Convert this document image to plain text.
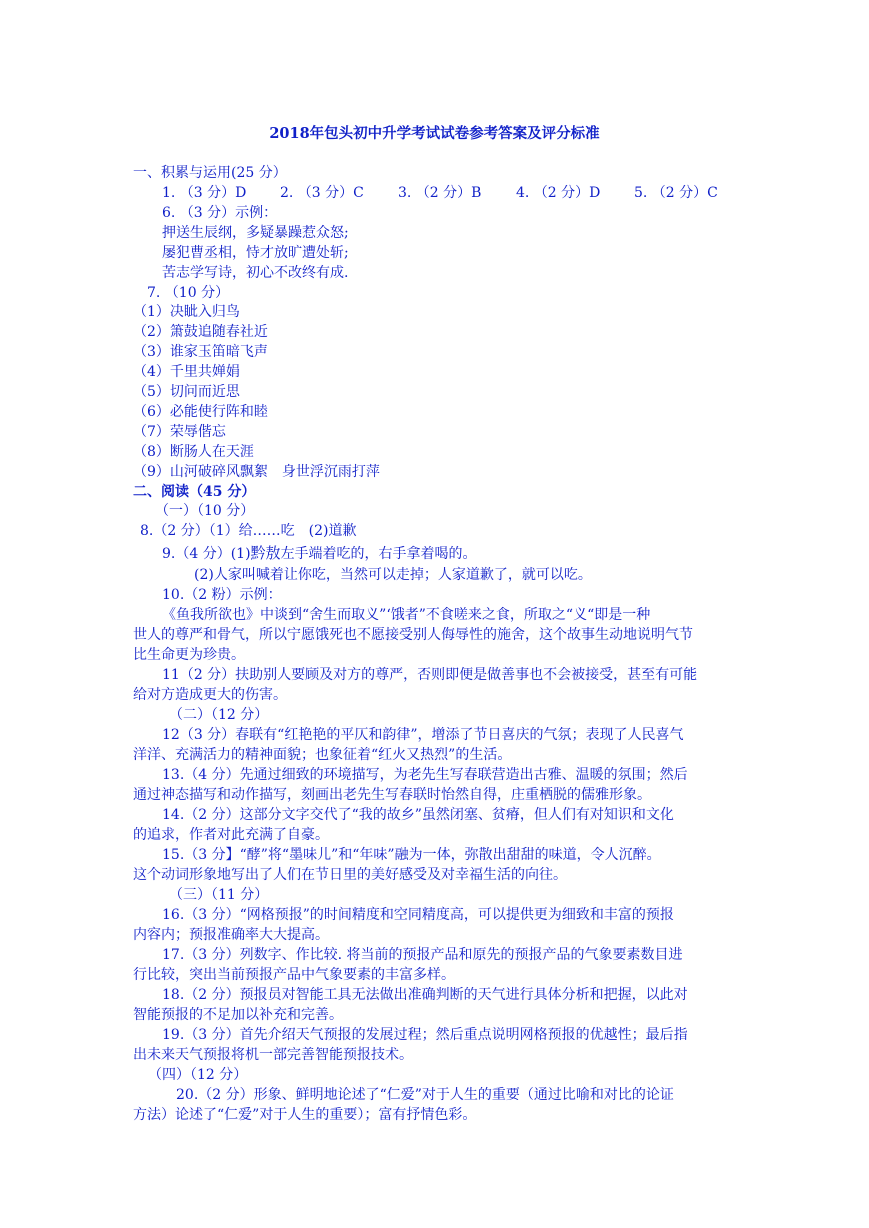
2018年包头初中升学考试试卷参考答案及评分标准
一、积累与运用(25 分）
1. （3 分）D 2. （3 分）C 3. （2 分）B 4. （2 分）D 5. （2 分）C
6. （3 分）示例：
押送生辰纲，多疑暴躁惹众怒;
屡犯曹丞相，恃才放旷遭处斩;
苦志学写诗，初心不改终有成.
7. （10 分）
（1）决眦入归鸟
（2）箫鼓追随春社近
（3）谁家玉笛暗飞声
（4）千里共婵娟
（5）切问而近思
（6）必能使行阵和睦
（7）荣辱偕忘
（8）断肠人在天涯
（9）山河破碎风飘絮　身世浮沉雨打萍
二、阅读（45 分）
（一）（10 分）
8.（2 分）（1）给……吃　(2)道歉
9.（4 分）(1)黔敖左手端着吃的，右手拿着喝的。
(2)人家叫喊着让你吃，当然可以走掉；人家道歉了，就可以吃。
10.（2 粉）示例：
《鱼我所欲也》中谈到“舍生而取义”‘饿者”不食嗟来之食，所取之“义“即是一种
世人的尊严和骨气，所以宁愿饿死也不愿接受别人侮辱性的施舍，这个故事生动地说明气节
比生命更为珍贵。
11（2 分）扶助别人要顾及对方的尊严，否则即便是做善事也不会被接受，甚至有可能
给对方造成更大的伤害。
（二）（12 分）
12（3 分）春联有“红艳艳的平仄和韵律”，增添了节日喜庆的气氛；表现了人民喜气
洋洋、充满活力的精神面貌；也象征着“红火又热烈”的生活。
13.（4 分）先通过细致的环境描写，为老先生写春联营造出古雅、温暖的氛围；然后
通过神态描写和动作描写，刻画出老先生写春联时怡然自得，庄重栖脱的儒雅形象。
14.（2 分）这部分文字交代了“我的故乡”虽然闭塞、贫瘠，但人们有对知识和文化
的追求，作者对此充满了自豪。
15.（3 分】“酵”将“墨味儿”和“年味”融为一体，弥散出甜甜的味道，令人沉醉。
这个动词形象地写出了人们在节日里的美好感受及对幸福生活的向往。
（三）（11 分）
16.（3 分）“网格预报”的时间精度和空同精度高，可以提供更为细致和丰富的预报
内容内；预报准确率大大提高。
17.（3 分）列数字、作比较. 将当前的预报产品和原先的预报产品的气象要素数目进
行比较，突出当前预报产品中气象要素的丰富多样。
18.（2 分）预报员对智能工具无法做出准确判断的天气进行具体分析和把握，以此对
智能预报的不足加以补充和完善。
19.（3 分）首先介绍天气预报的发展过程；然后重点说明网格预报的优越性；最后指
出未来天气预报将机一部完善智能预报技术。
（四）（12 分）
20.（2 分）形象、鲜明地论述了“仁爱”对于人生的重要（通过比喻和对比的论证
方法）论述了“仁爱”对于人生的重要）；富有抒情色彩。
